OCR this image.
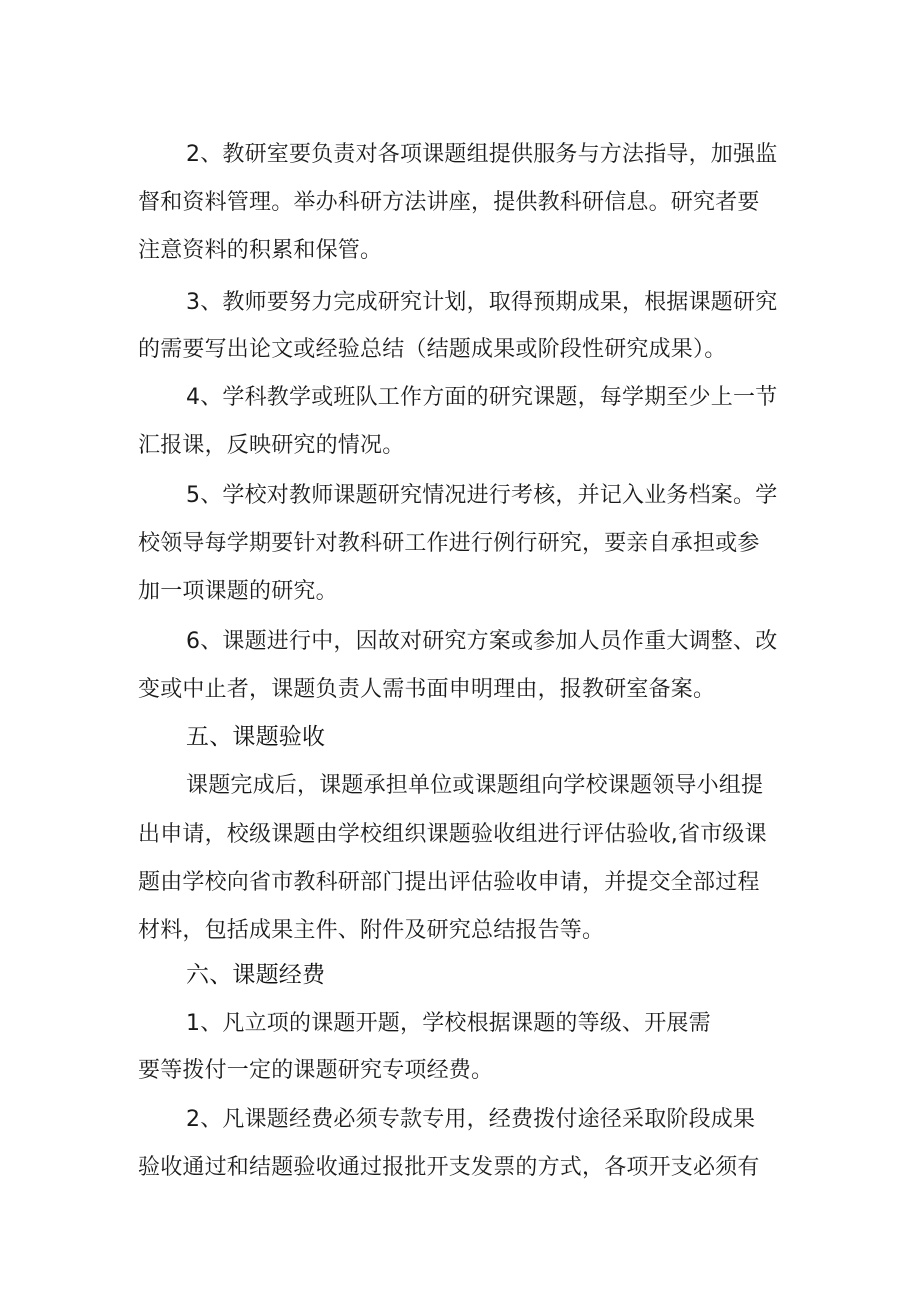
2、教研室要负责对各项课题组提供服务与方法指导，加强监
督和资料管理。举办科研方法讲座，提供教科研信息。研究者要
注意资料的积累和保管。
3、教师要努力完成研究计划，取得预期成果，根据课题研究
的需要写出论文或经验总结（结题成果或阶段性研究成果）。
4、学科教学或班队工作方面的研究课题，每学期至少上一节
汇报课，反映研究的情况。
5、学校对教师课题研究情况进行考核，并记入业务档案。学
校领导每学期要针对教科研工作进行例行研究，要亲自承担或参
加一项课题的研究。
6、课题进行中，因故对研究方案或参加人员作重大调整、改
变或中止者，课题负责人需书面申明理由，报教研室备案。
五、课题验收
课题完成后，课题承担单位或课题组向学校课题领导小组提
出申请，校级课题由学校组织课题验收组进行评估验收,省市级课
题由学校向省市教科研部门提出评估验收申请，并提交全部过程
材料，包括成果主件、附件及研究总结报告等。
六、课题经费
1、凡立项的课题开题，学校根据课题的等级、开展需
要等拨付一定的课题研究专项经费。
2、凡课题经费必须专款专用，经费拨付途径采取阶段成果
验收通过和结题验收通过报批开支发票的方式，各项开支必须有
